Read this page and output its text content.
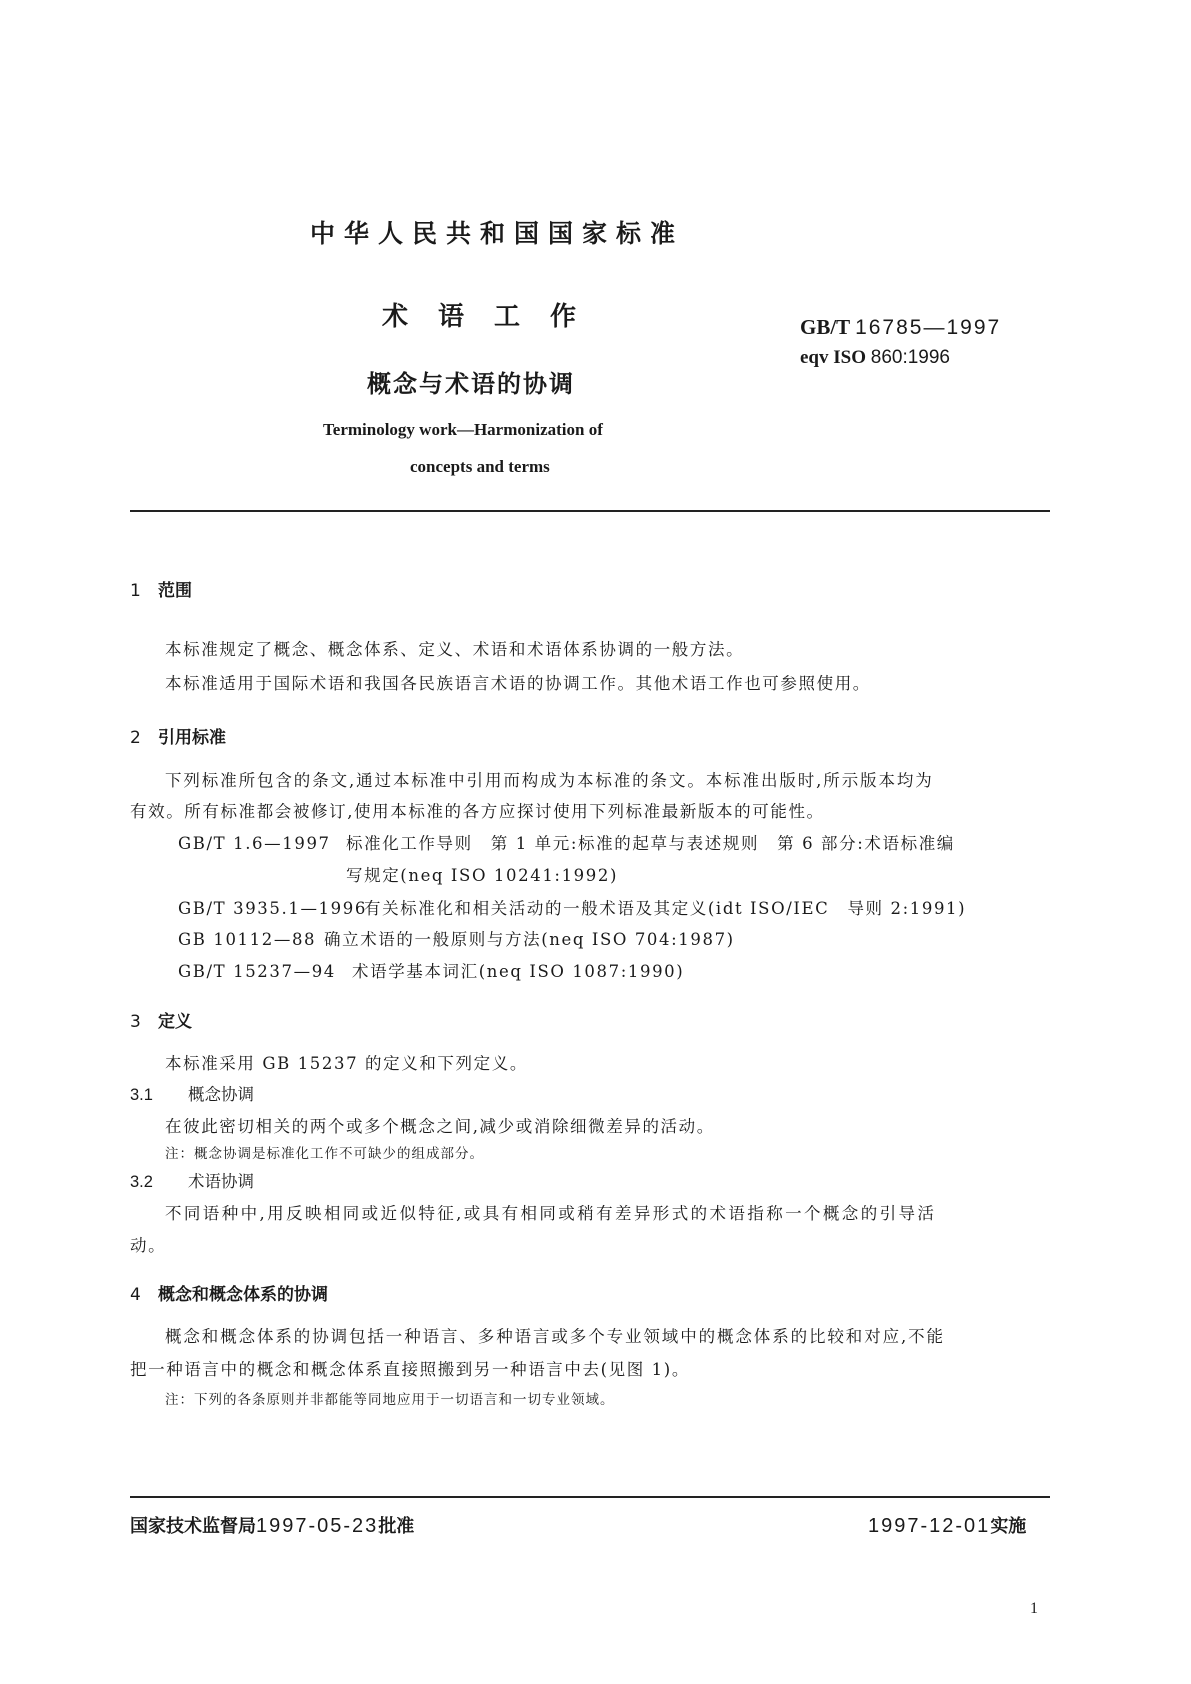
中华人民共和国国家标准
术语工作
概念与术语的协调
Terminology work—Harmonization of
concepts and terms
GB/T 16785—1997
eqv ISO 860:1996
1 范围
本标准规定了概念、概念体系、定义、术语和术语体系协调的一般方法。
本标准适用于国际术语和我国各民族语言术语的协调工作。其他术语工作也可参照使用。
2 引用标准
下列标准所包含的条文,通过本标准中引用而构成为本标准的条文。本标准出版时,所示版本均为
有效。所有标准都会被修订,使用本标准的各方应探讨使用下列标准最新版本的可能性。
GB/T 1.6—1997 标准化工作导则　第 1 单元:标准的起草与表述规则　第 6 部分:术语标准编
写规定(neq ISO 10241:1992)
GB/T 3935.1—1996有关标准化和相关活动的一般术语及其定义(idt ISO/IEC　导则 2:1991)
GB 10112—88 确立术语的一般原则与方法(neq ISO 704:1987)
GB/T 15237—94 术语学基本词汇(neq ISO 1087:1990)
3 定义
本标准采用 GB 15237 的定义和下列定义。
3.1 概念协调
在彼此密切相关的两个或多个概念之间,减少或消除细微差异的活动。
注：概念协调是标准化工作不可缺少的组成部分。
3.2 术语协调
不同语种中,用反映相同或近似特征,或具有相同或稍有差异形式的术语指称一个概念的引导活
动。
4 概念和概念体系的协调
概念和概念体系的协调包括一种语言、多种语言或多个专业领域中的概念体系的比较和对应,不能
把一种语言中的概念和概念体系直接照搬到另一种语言中去(见图 1)。
注：下列的各条原则并非都能等同地应用于一切语言和一切专业领域。
国家技术监督局1997-05-23批准	1997-12-01实施
1
